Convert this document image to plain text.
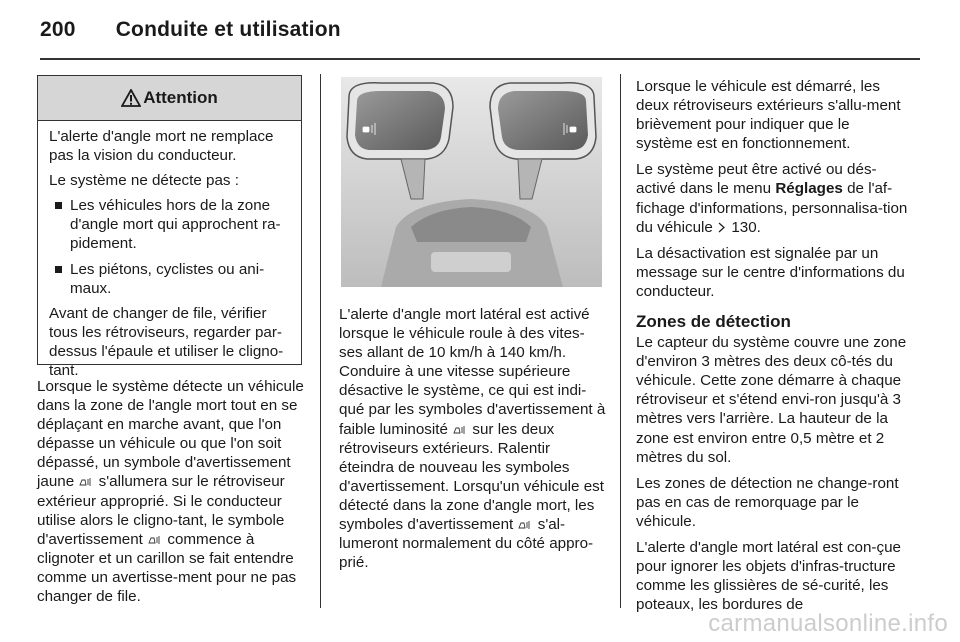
200 Conduite et utilisation
Attention

L'alerte d'angle mort ne remplace pas la vision du conducteur.

Le système ne détecte pas :

Les véhicules hors de la zone d'angle mort qui approchent ra-pidement.
Les piétons, cyclistes ou ani-maux.

Avant de changer de file, vérifier tous les rétroviseurs, regarder par-dessus l'épaule et utiliser le cligno-tant.

Lorsque le système détecte un véhicule dans la zone de l'angle mort tout en se déplaçant en marche avant, que l'on dépasse un véhicule ou que l'on soit dépassé, un symbole d'avertissement jaune s'allumera sur le rétroviseur extérieur approprié. Si le conducteur utilise alors le cligno-tant, le symbole d'avertissement commence à clignoter et un carillon se fait entendre comme un avertisse-ment pour ne pas changer de file.

L'alerte d'angle mort latéral est activé lorsque le véhicule roule à des vites-ses allant de 10 km/h à 140 km/h. Conduire à une vitesse supérieure désactive le système, ce qui est indi-qué par les symboles d'avertissement à faible luminosité sur les deux rétroviseurs extérieurs. Ralentir éteindra de nouveau les symboles d'avertissement. Lorsqu'un véhicule est détecté dans la zone d'angle mort, les symboles d'avertissement s'al-lumeront normalement du côté appro-prié.

Lorsque le véhicule est démarré, les deux rétroviseurs extérieurs s'allu-ment brièvement pour indiquer que le système est en fonctionnement.

Le système peut être activé ou dés-activé dans le menu Réglages de l'af-fichage d'informations, personnalisa-tion du véhicule 130.

La désactivation est signalée par un message sur le centre d'informations du conducteur.

Zones de détection

Le capteur du système couvre une zone d'environ 3 mètres des deux cô-tés du véhicule. Cette zone démarre à chaque rétroviseur et s'étend envi-ron jusqu'à 3 mètres vers l'arrière. La hauteur de la zone est environ entre 0,5 mètre et 2 mètres du sol.

Les zones de détection ne change-ront pas en cas de remorquage par le véhicule.

L'alerte d'angle mort latéral est con-çue pour ignorer les objets d'infras-tructure comme les glissières de sé-curité, les poteaux, les bordures de

carmanualsonline.info
